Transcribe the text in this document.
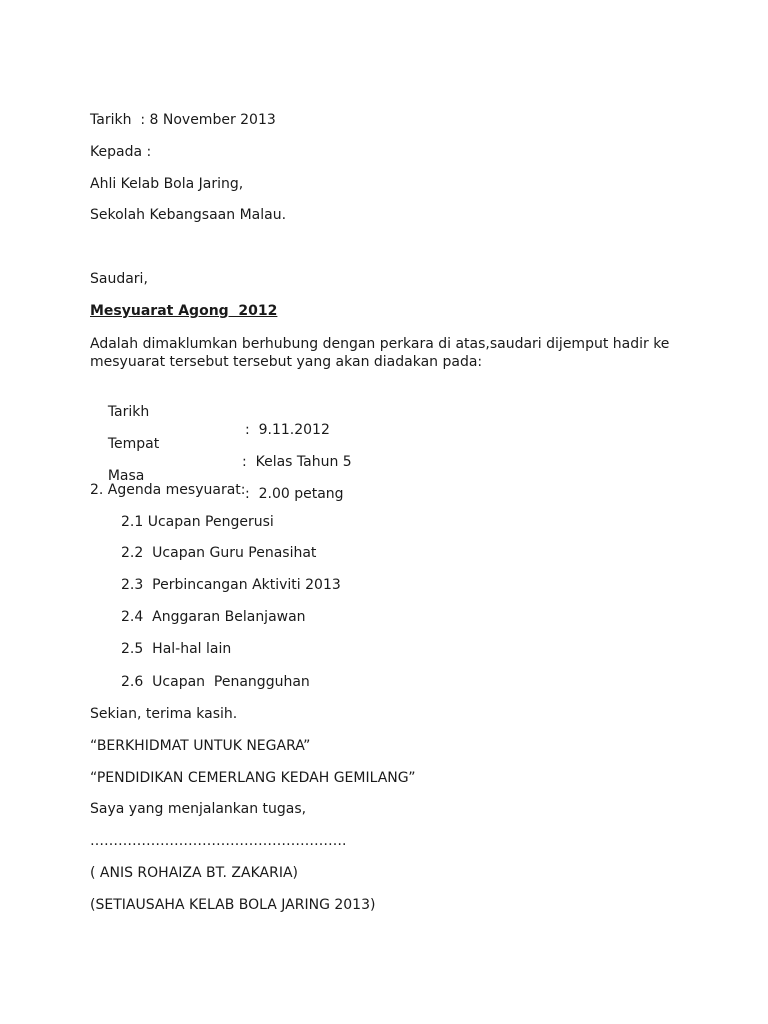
Tarikh  : 8 November 2013
Kepada :
Ahli Kelab Bola Jaring,
Sekolah Kebangsaan Malau.
Saudari,
Mesyuarat Agong  2012
Adalah dimaklumkan berhubung dengan perkara di atas,saudari dijemput hadir ke
mesyuarat tersebut tersebut yang akan diadakan pada:

Tarikh

:  9.11.2012

Tempat

:  Kelas Tahun 5

Masa

:  2.00 petang

2. Agenda mesyuarat:
2.1 Ucapan Pengerusi
2.2  Ucapan Guru Penasihat
2.3  Perbincangan Aktiviti 2013
2.4  Anggaran Belanjawan
2.5  Hal-hal lain
2.6  Ucapan  Penangguhan
Sekian, terima kasih.
“BERKHIDMAT UNTUK NEGARA”
“PENDIDIKAN CEMERLANG KEDAH GEMILANG”
Saya yang menjalankan tugas,
……………………………………………….
( ANIS ROHAIZA BT. ZAKARIA)
(SETIAUSAHA KELAB BOLA JARING 2013)
